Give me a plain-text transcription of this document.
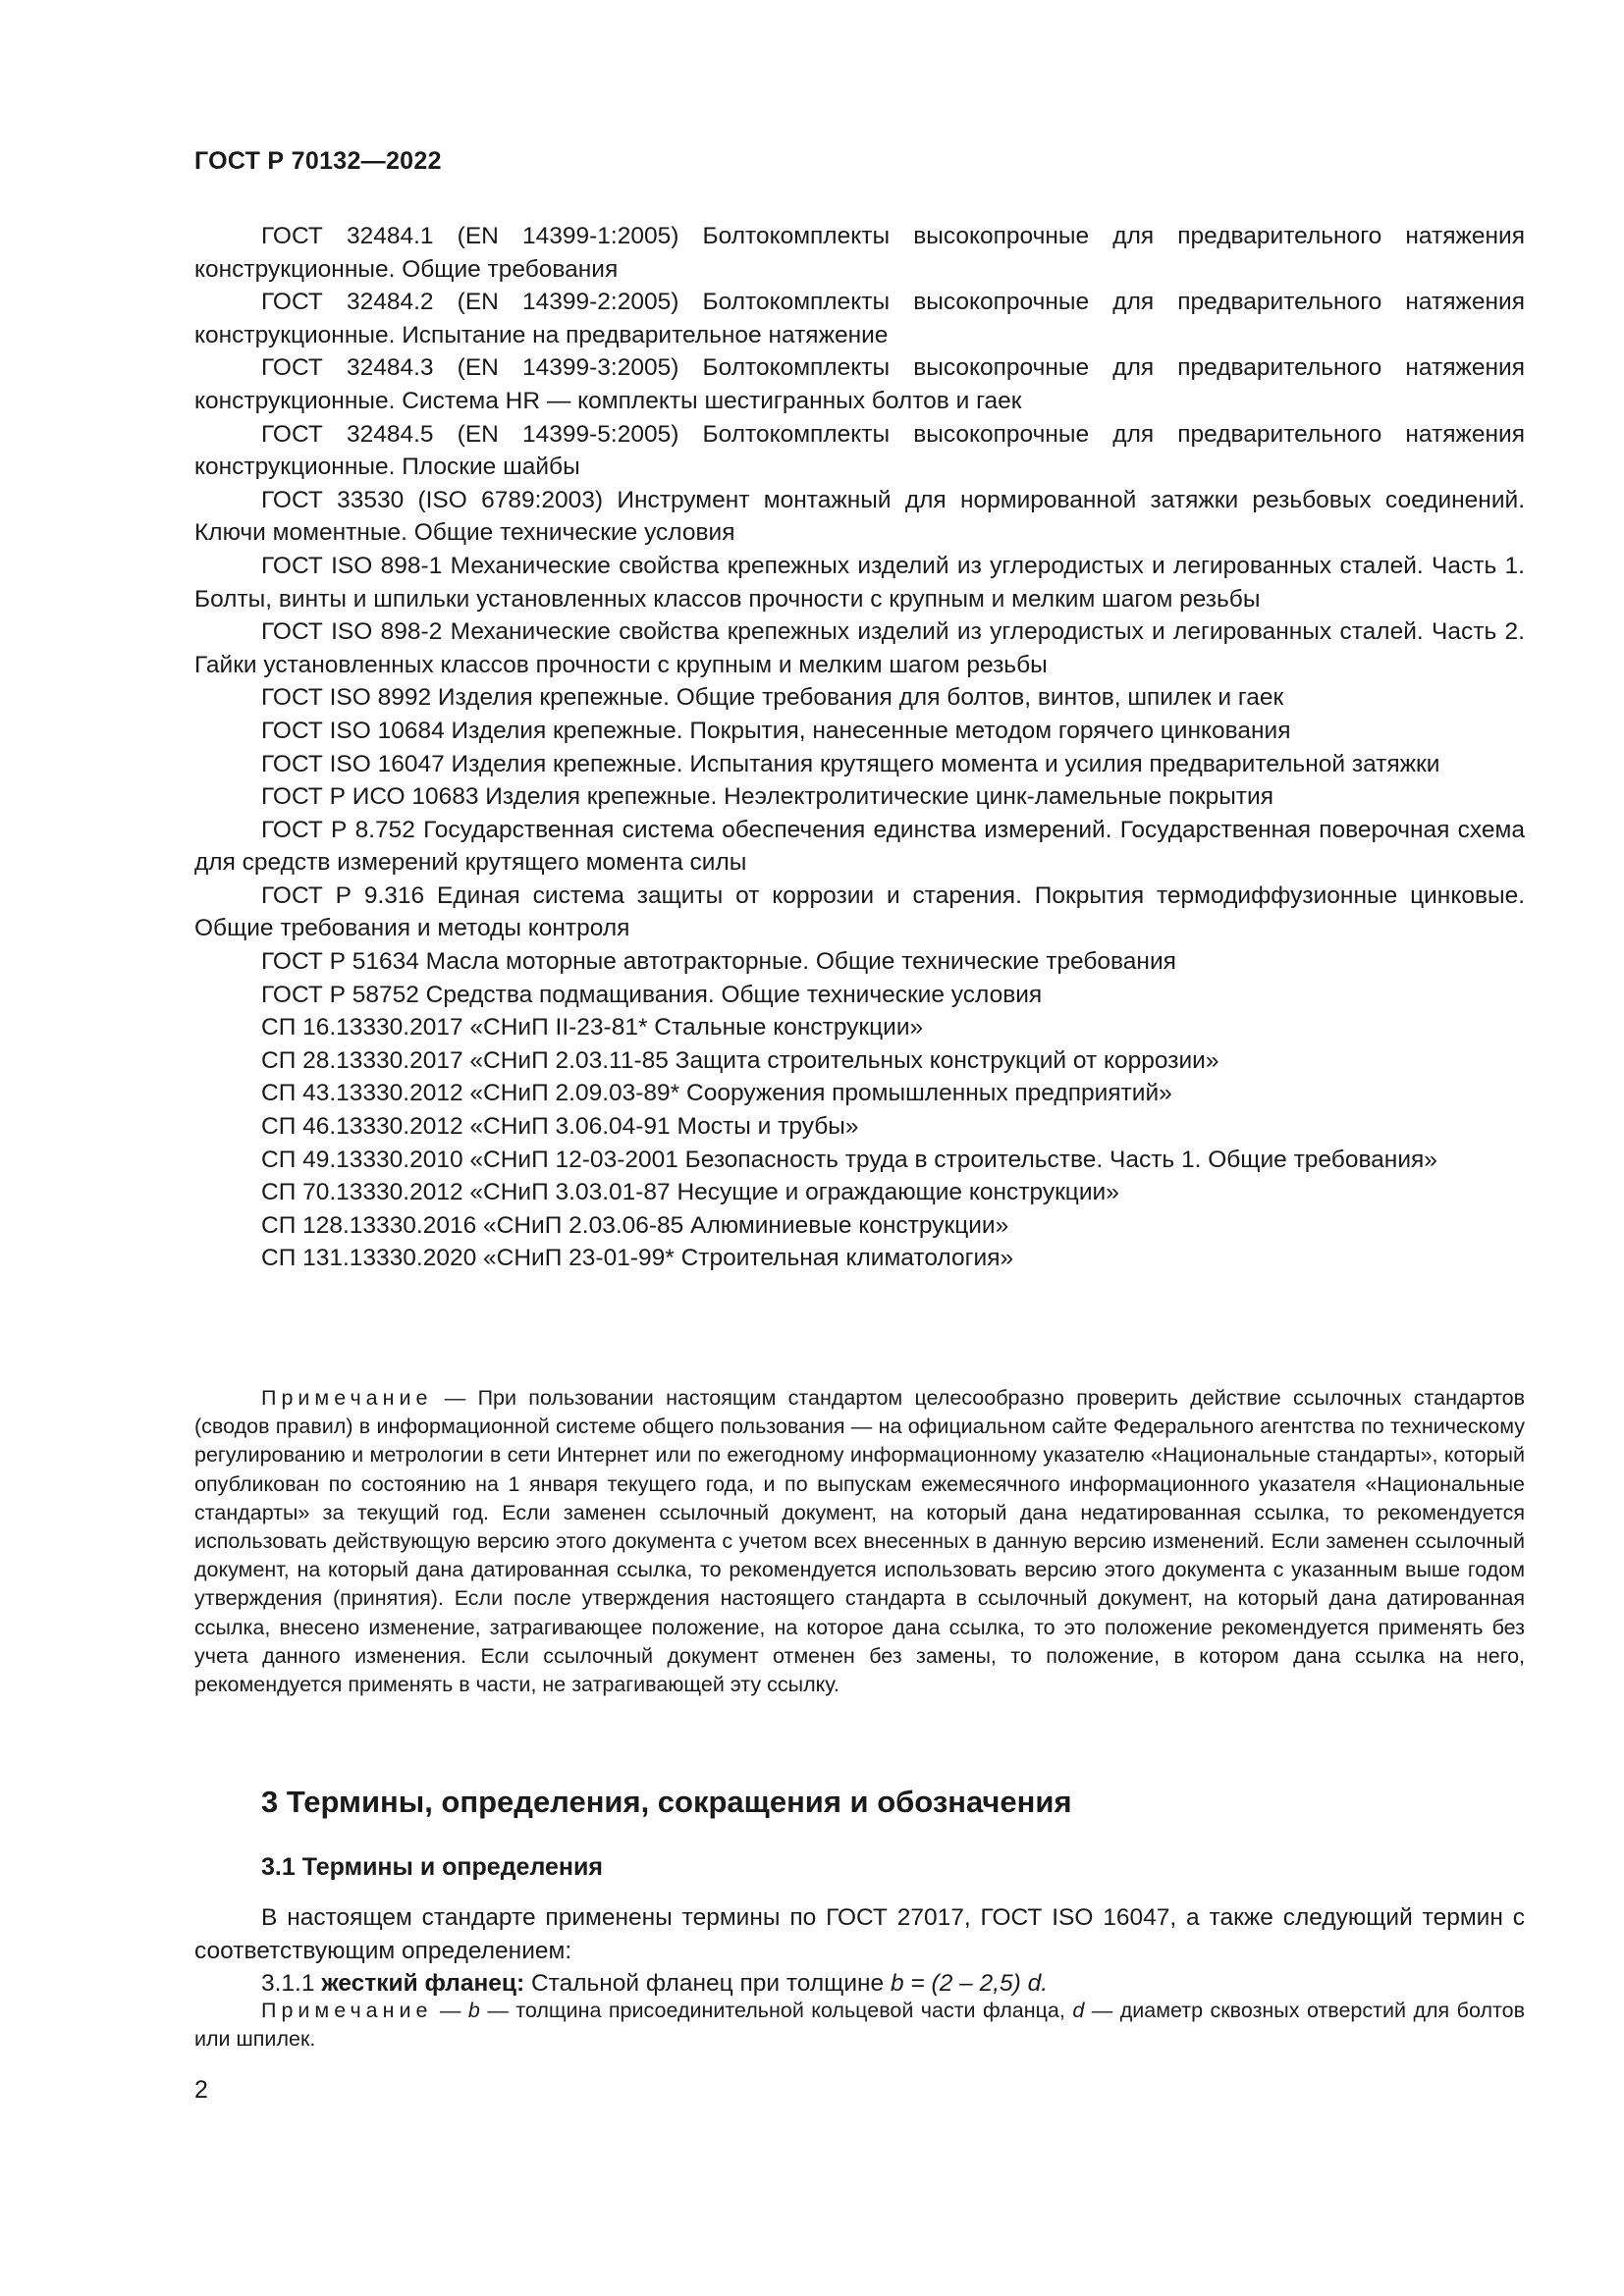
ГОСТ Р 70132—2022

ГОСТ 32484.1 (EN 14399-1:2005) Болтокомплекты высокопрочные для предварительного натяжения конструкционные. Общие требования

ГОСТ 32484.2 (EN 14399-2:2005) Болтокомплекты высокопрочные для предварительного натяжения конструкционные. Испытание на предварительное натяжение

ГОСТ 32484.3 (EN 14399-3:2005) Болтокомплекты высокопрочные для предварительного натяжения конструкционные. Система HR — комплекты шестигранных болтов и гаек

ГОСТ 32484.5 (EN 14399-5:2005) Болтокомплекты высокопрочные для предварительного натяжения конструкционные. Плоские шайбы

ГОСТ 33530 (ISO 6789:2003) Инструмент монтажный для нормированной затяжки резьбовых соединений. Ключи моментные. Общие технические условия

ГОСТ ISO 898-1 Механические свойства крепежных изделий из углеродистых и легированных сталей. Часть 1. Болты, винты и шпильки установленных классов прочности с крупным и мелким шагом резьбы

ГОСТ ISO 898-2 Механические свойства крепежных изделий из углеродистых и легированных сталей. Часть 2. Гайки установленных классов прочности с крупным и мелким шагом резьбы

ГОСТ ISO 8992 Изделия крепежные. Общие требования для болтов, винтов, шпилек и гаек

ГОСТ ISO 10684 Изделия крепежные. Покрытия, нанесенные методом горячего цинкования

ГОСТ ISO 16047 Изделия крепежные. Испытания крутящего момента и усилия предварительной затяжки

ГОСТ Р ИСО 10683 Изделия крепежные. Неэлектролитические цинк-ламельные покрытия

ГОСТ Р 8.752 Государственная система обеспечения единства измерений. Государственная поверочная схема для средств измерений крутящего момента силы

ГОСТ Р 9.316 Единая система защиты от коррозии и старения. Покрытия термодиффузионные цинковые. Общие требования и методы контроля

ГОСТ Р 51634 Масла моторные автотракторные. Общие технические требования

ГОСТ Р 58752 Средства подмащивания. Общие технические условия

СП 16.13330.2017 «СНиП II-23-81* Стальные конструкции»

СП 28.13330.2017 «СНиП 2.03.11-85 Защита строительных конструкций от коррозии»

СП 43.13330.2012 «СНиП 2.09.03-89* Сооружения промышленных предприятий»

СП 46.13330.2012 «СНиП 3.06.04-91 Мосты и трубы»

СП 49.13330.2010 «СНиП 12-03-2001 Безопасность труда в строительстве. Часть 1. Общие требования»

СП 70.13330.2012 «СНиП 3.03.01-87 Несущие и ограждающие конструкции»

СП 128.13330.2016 «СНиП 2.03.06-85 Алюминиевые конструкции»

СП 131.13330.2020 «СНиП 23-01-99* Строительная климатология»

Примечание — При пользовании настоящим стандартом целесообразно проверить действие ссылочных стандартов (сводов правил) в информационной системе общего пользования — на официальном сайте Федерального агентства по техническому регулированию и метрологии в сети Интернет или по ежегодному информационному указателю «Национальные стандарты», который опубликован по состоянию на 1 января текущего года, и по выпускам ежемесячного информационного указателя «Национальные стандарты» за текущий год. Если заменен ссылочный документ, на который дана недатированная ссылка, то рекомендуется использовать действующую версию этого документа с учетом всех внесенных в данную версию изменений. Если заменен ссылочный документ, на который дана датированная ссылка, то рекомендуется использовать версию этого документа с указанным выше годом утверждения (принятия). Если после утверждения настоящего стандарта в ссылочный документ, на который дана датированная ссылка, внесено изменение, затрагивающее положение, на которое дана ссылка, то это положение рекомендуется применять без учета данного изменения. Если ссылочный документ отменен без замены, то положение, в котором дана ссылка на него, рекомендуется применять в части, не затрагивающей эту ссылку.

3 Термины, определения, сокращения и обозначения
3.1 Термины и определения

В настоящем стандарте применены термины по ГОСТ 27017, ГОСТ ISO 16047, а также следующий термин с соответствующим определением:

3.1.1 жесткий фланец: Стальной фланец при толщине b = (2 – 2,5) d.

Примечание — b — толщина присоединительной кольцевой части фланца, d — диаметр сквозных отверстий для болтов или шпилек.

2
